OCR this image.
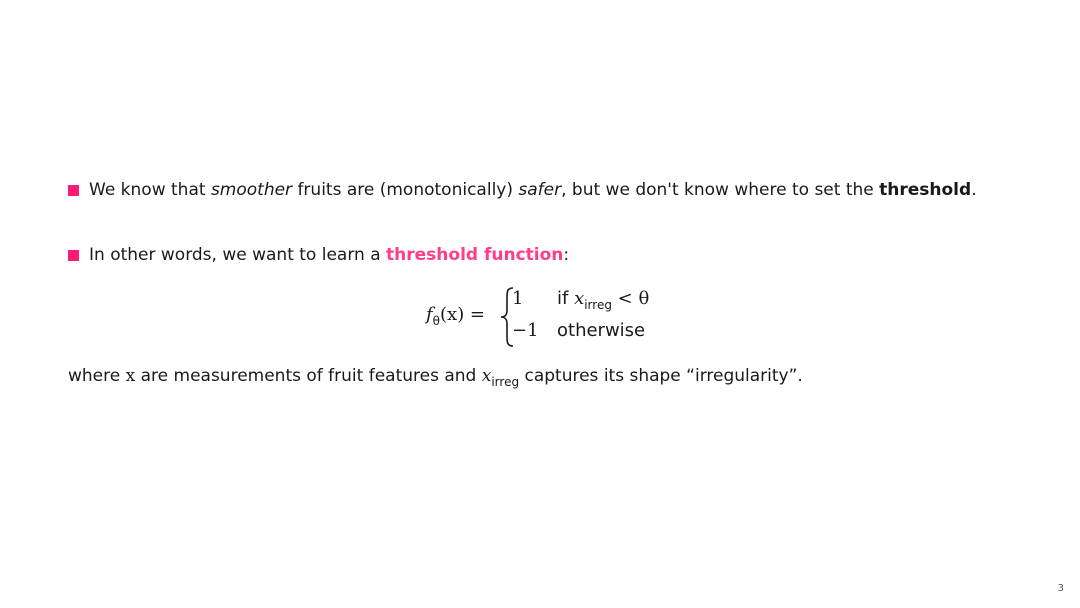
We know that smoother fruits are (monotonically) safer, but we don't know where to set the threshold.
In other words, we want to learn a threshold function:
$f_\theta(x)$ =
1 if $x_{irreg} < \theta$
−1 otherwise
where x are measurements of fruit features and $x_{irreg}$ captures its shape “irregularity”.
3
